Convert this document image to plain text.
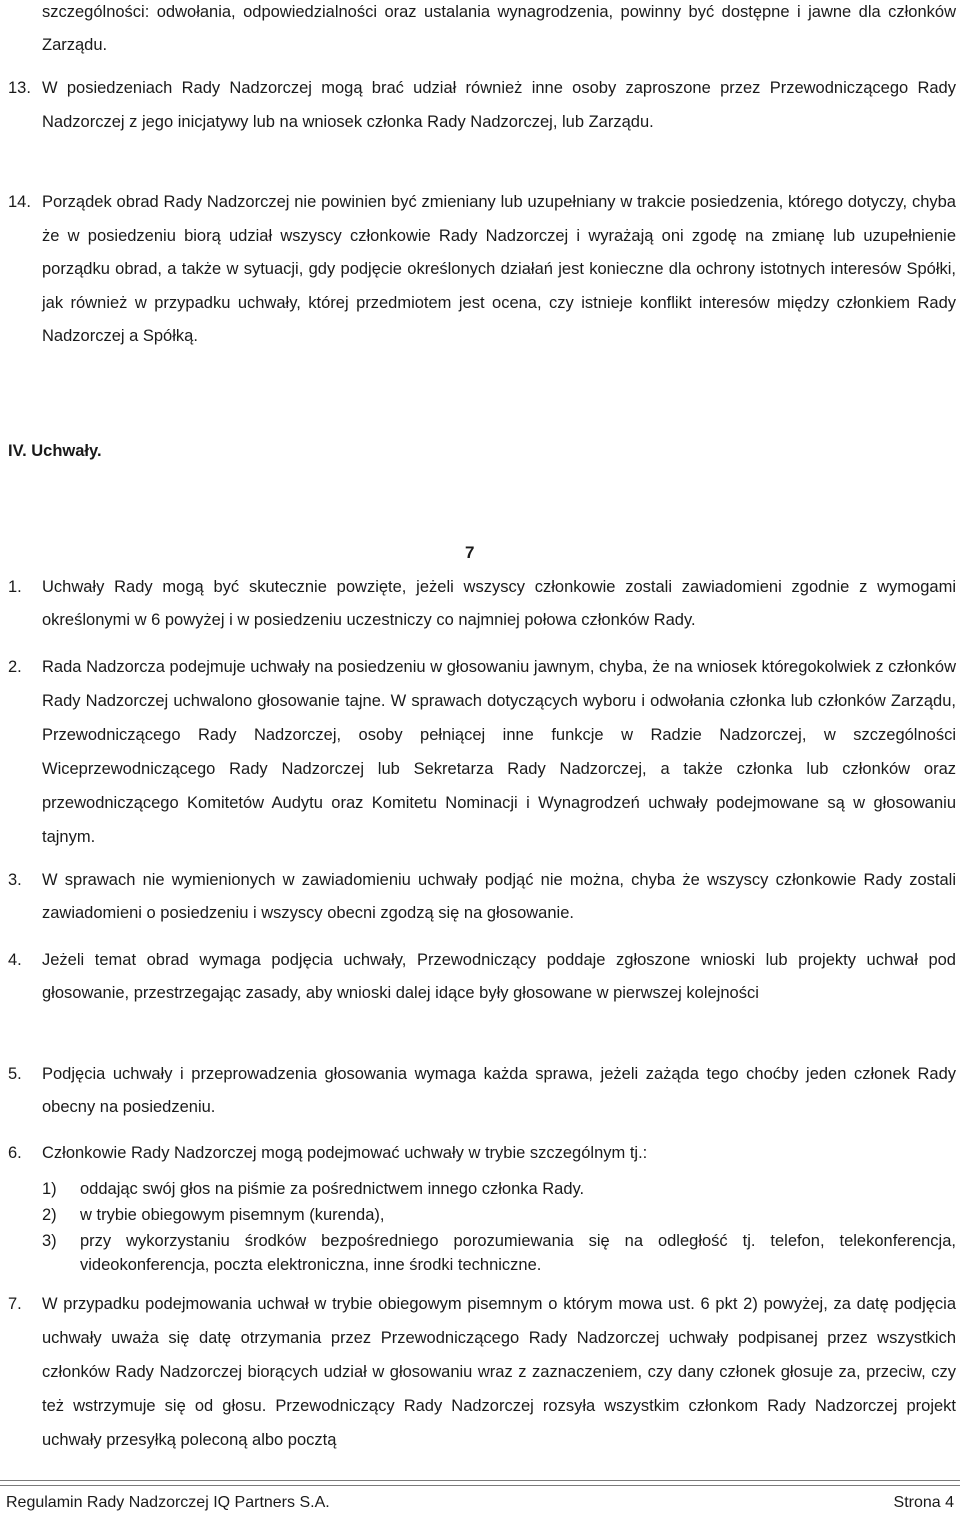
szczególności: odwołania, odpowiedzialności oraz ustalania wynagrodzenia, powinny być dostępne i jawne dla członków Zarządu.
13. W posiedzeniach Rady Nadzorczej mogą brać udział również inne osoby zaproszone przez Przewodniczącego Rady Nadzorczej z jego inicjatywy lub na wniosek członka Rady Nadzorczej, lub Zarządu.
14. Porządek obrad Rady Nadzorczej nie powinien być zmieniany lub uzupełniany w trakcie posiedzenia, którego dotyczy, chyba że w posiedzeniu biorą udział wszyscy członkowie Rady Nadzorczej i wyrażają oni zgodę na zmianę lub uzupełnienie porządku obrad, a także w sytuacji, gdy podjęcie określonych działań jest konieczne dla ochrony istotnych interesów Spółki, jak również w przypadku uchwały, której przedmiotem jest ocena, czy istnieje konflikt interesów między członkiem Rady Nadzorczej a Spółką.
IV. Uchwały.
7
1. Uchwały Rady mogą być skutecznie powzięte, jeżeli wszyscy członkowie zostali zawiadomieni zgodnie z wymogami określonymi w 6 powyżej i w posiedzeniu uczestniczy co najmniej połowa członków Rady.
2. Rada Nadzorcza podejmuje uchwały na posiedzeniu w głosowaniu jawnym, chyba, że na wniosek któregokolwiek z członków Rady Nadzorczej uchwalono głosowanie tajne. W sprawach dotyczących wyboru i odwołania członka lub członków Zarządu, Przewodniczącego Rady Nadzorczej, osoby pełniącej inne funkcje w Radzie Nadzorczej, w szczególności Wiceprzewodniczącego Rady Nadzorczej lub Sekretarza Rady Nadzorczej, a także członka lub członków oraz przewodniczącego Komitetów Audytu oraz Komitetu Nominacji i Wynagrodzeń uchwały podejmowane są w głosowaniu tajnym.
3. W sprawach nie wymienionych w zawiadomieniu uchwały podjąć nie można, chyba że wszyscy członkowie Rady zostali zawiadomieni o posiedzeniu i wszyscy obecni zgodzą się na głosowanie.
4. Jeżeli temat obrad wymaga podjęcia uchwały, Przewodniczący poddaje zgłoszone wnioski lub projekty uchwał pod głosowanie, przestrzegając zasady, aby wnioski dalej idące były głosowane w pierwszej kolejności
5. Podjęcia uchwały i przeprowadzenia głosowania wymaga każda sprawa, jeżeli zażąda tego choćby jeden członek Rady obecny na posiedzeniu.
6. Członkowie Rady Nadzorczej mogą podejmować uchwały w trybie szczególnym tj.:
1) oddając swój głos na piśmie za pośrednictwem innego członka Rady.
2) w trybie obiegowym pisemnym (kurenda),
3) przy wykorzystaniu środków bezpośredniego porozumiewania się na odległość tj. telefon, telekonferencja, videokonferencja, poczta elektroniczna, inne środki techniczne.
7. W przypadku podejmowania uchwał w trybie obiegowym pisemnym o którym mowa ust. 6 pkt 2) powyżej, za datę podjęcia uchwały uważa się datę otrzymania przez Przewodniczącego Rady Nadzorczej uchwały podpisanej przez wszystkich członków Rady Nadzorczej biorących udział w głosowaniu wraz z zaznaczeniem, czy dany członek głosuje za, przeciw, czy też wstrzymuje się od głosu. Przewodniczący Rady Nadzorczej rozsyła wszystkim członkom Rady Nadzorczej projekt uchwały przesyłką poleconą albo pocztą
Regulamin Rady Nadzorczej IQ Partners S.A.	Strona 4
